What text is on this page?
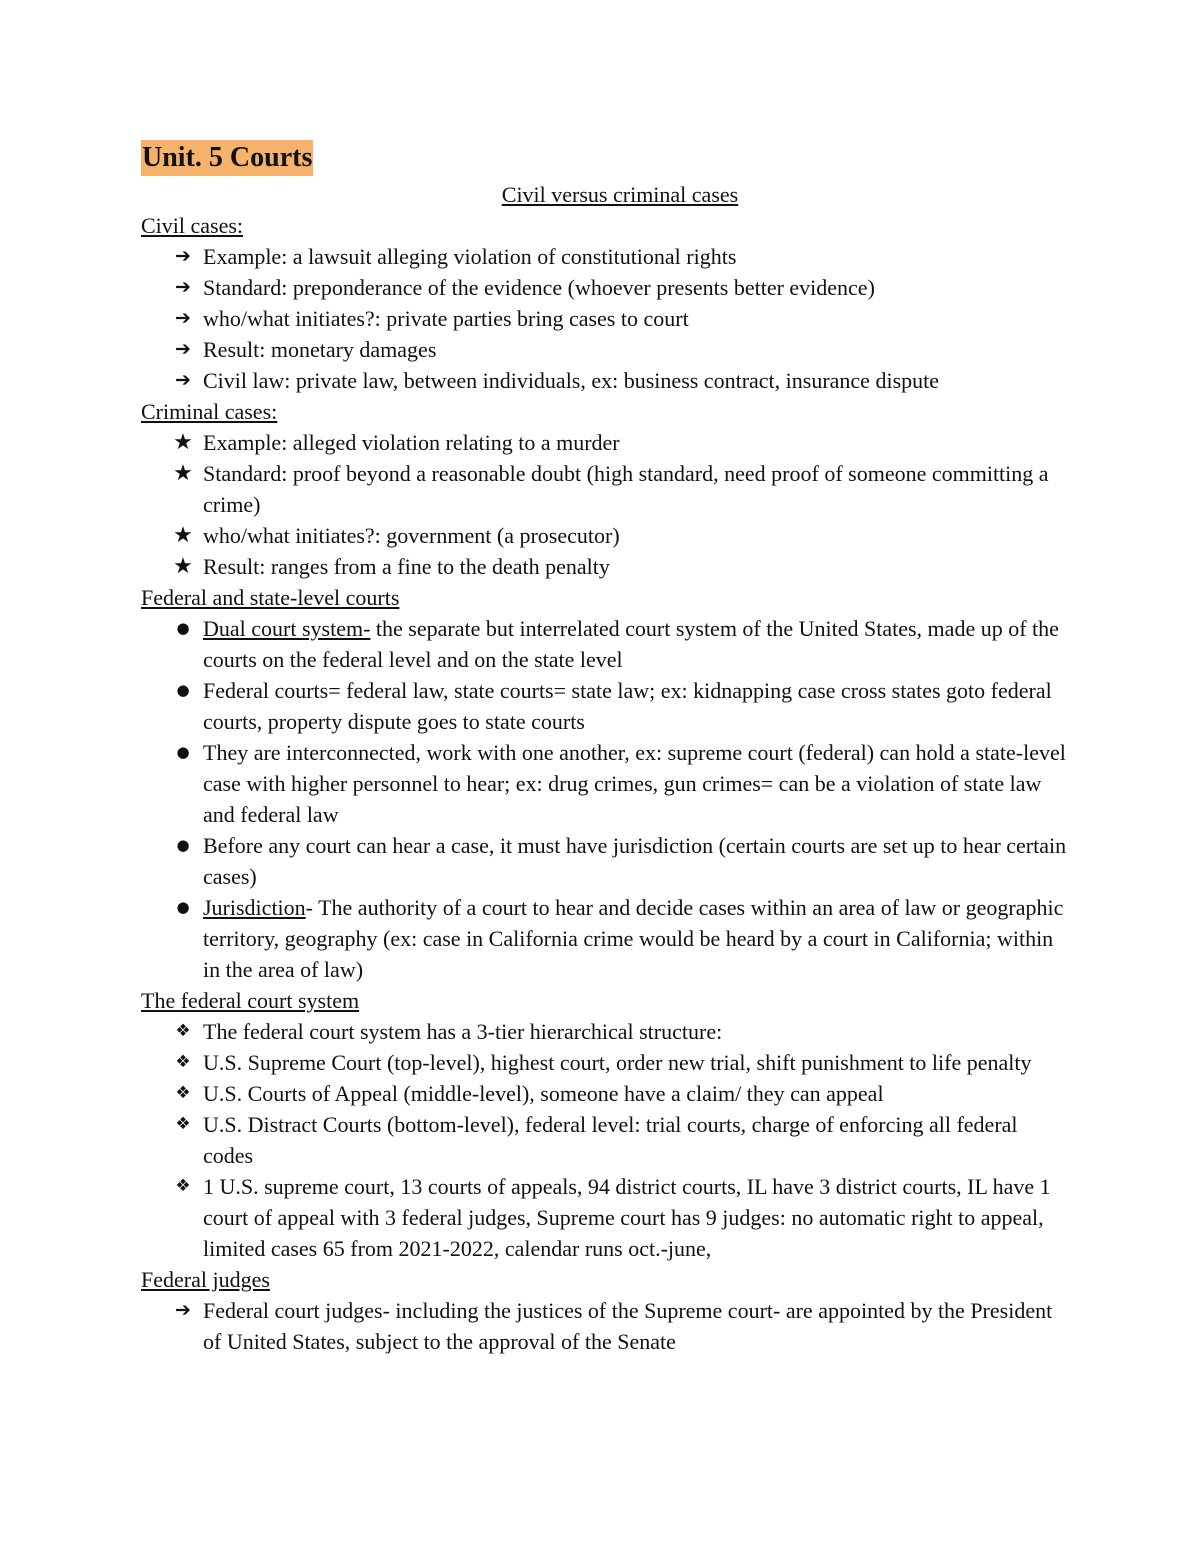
Unit. 5 Courts
Civil versus criminal cases
Civil cases:
➔ Example: a lawsuit alleging violation of constitutional rights
➔ Standard: preponderance of the evidence (whoever presents better evidence)
➔ who/what initiates?: private parties bring cases to court
➔ Result: monetary damages
➔ Civil law: private law, between individuals, ex: business contract, insurance dispute
Criminal cases:
★ Example: alleged violation relating to a murder
★ Standard: proof beyond a reasonable doubt (high standard, need proof of someone committing a crime)
★ who/what initiates?: government (a prosecutor)
★ Result: ranges from a fine to the death penalty
Federal and state-level courts
● Dual court system- the separate but interrelated court system of the United States, made up of the courts on the federal level and on the state level
● Federal courts= federal law, state courts= state law; ex: kidnapping case cross states goto federal courts, property dispute goes to state courts
● They are interconnected, work with one another, ex: supreme court (federal) can hold a state-level case with higher personnel to hear; ex: drug crimes, gun crimes= can be a violation of state law and federal law
● Before any court can hear a case, it must have jurisdiction (certain courts are set up to hear certain cases)
● Jurisdiction- The authority of a court to hear and decide cases within an area of law or geographic territory, geography (ex: case in California crime would be heard by a court in California; within in the area of law)
The federal court system
❖ The federal court system has a 3-tier hierarchical structure:
❖ U.S. Supreme Court (top-level), highest court, order new trial, shift punishment to life penalty
❖ U.S. Courts of Appeal (middle-level), someone have a claim/ they can appeal
❖ U.S. Distract Courts (bottom-level), federal level: trial courts, charge of enforcing all federal codes
❖ 1 U.S. supreme court, 13 courts of appeals, 94 district courts, IL have 3 district courts, IL have 1 court of appeal with 3 federal judges, Supreme court has 9 judges: no automatic right to appeal, limited cases 65 from 2021-2022, calendar runs oct.-june,
Federal judges
➔ Federal court judges- including the justices of the Supreme court- are appointed by the President of United States, subject to the approval of the Senate
